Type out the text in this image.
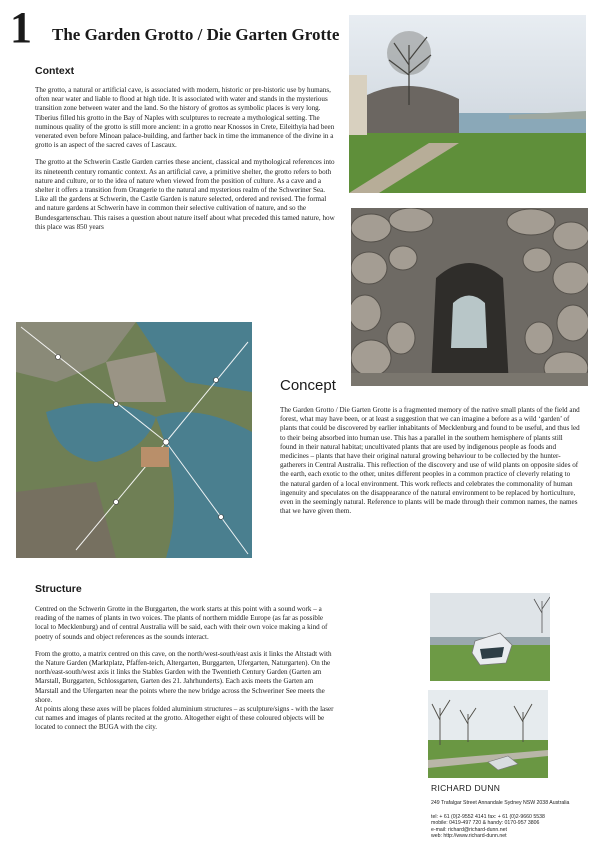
1 The Garden Grotto / Die Garten Grotte
Context

The grotto, a natural or artificial cave, is associated with modern, historic or pre-historic use by humans, often near water and liable to flood at high tide. It is associated with water and stands in the mysterious transition zone between water and the land. So the history of grottos as symbolic places is very long. Tiberius filled his grotto in the Bay of Naples with sculptures to recreate a mythological setting. The numinous quality of the grotto is still more ancient: in a grotto near Knossos in Crete, Eileithyia had been venerated even before Minoan palace-building, and farther back in time the immanence of the divine in a grotto is an aspect of the sacred caves of Lascaux.

The grotto at the Schwerin Castle Garden carries these ancient, classical and mythological references into its nineteenth century romantic context. As an artificial cave, a primitive shelter, the grotto refers to both nature and culture, or to the idea of nature when viewed from the position of culture. As a cave and a shelter it offers a transition from Orangerie to the natural and mysterious realm of the Schweriner Sea. Like all the gardens at Schwerin, the Castle Garden is nature selected, ordered and revised. The formal and nature gardens at Schwerin have in common their selective cultivation of nature, and so the Bundesgartenschau. This raises a question about nature itself about what preceded this tamed nature, how this place was 850 years

Concept

The Garden Grotto / Die Garten Grotte is a fragmented memory of the native small plants of the field and forest, what may have been, or at least a suggestion that we can imagine a before as a wild ‘garden’ of plants that could be discovered by earlier inhabitants of Mecklenburg and found to be useful, and thus led to their being absorbed into human use. This has a parallel in the southern hemisphere of plants still found in their natural habitat; uncultivated plants that are used by indigenous people as foods and medicines – plants that have their original natural growing behaviour to be collected by the hunter-gatherers in Central Australia. This reflection of the discovery and use of wild plants on opposite sides of the earth, each exotic to the other, unites different peoples in a common practice of cleverly relating to the natural garden of a local environment. This work reflects and celebrates the commonality of human ingenuity and speculates on the disappearance of the natural environment to be replaced by horticulture, even in the seemingly natural. Reference to plants will be made through their common names, the names that we have given them.

Structure

Centred on the Schwerin Grotte in the Burggarten, the work starts at this point with a sound work – a reading of the names of plants in two voices. The plants of northern middle Europe (as far as possible local to Mecklenburg) and of central Australia will be said, each with their own voice making a kind of poetry of sounds and object references as the sounds interact.

From the grotto, a matrix centred on this cave, on the north/west-south/east axis it links the Altstadt with the Nature Garden (Marktplatz, Pfaffen-teich, Altergarten, Burggarten, Ufergarten, Naturgarten). On the north/east-south/west axis it links the Stables Garden with the Twentieth Century Garden (Garten am Marstall, Burggarten, Schlossgarten, Garten des 21. Jahrhunderts). Each axis meets the Garten am Marstall and the Ufergarten near the points where the new bridge across the Schweriner See meets the shore.

At points along these axes will be places folded aluminium structures – as sculpture/signs - with the laser cut names and images of plants recited at the grotto. Altogether eight of these coloured objects will be located to connect the BUGA with the city.

RICHARD DUNN
249 Trafalgar Street Annandale Sydney NSW 2038 Australia
tel: + 61 (0)2-9552 4141 fax: + 61 (0)2-9660 5538
mobile: 0419-497 720 & handy: 0170-957 3806
e-mail: richard@richard-dunn.net
web: http://www.richard-dunn.net
